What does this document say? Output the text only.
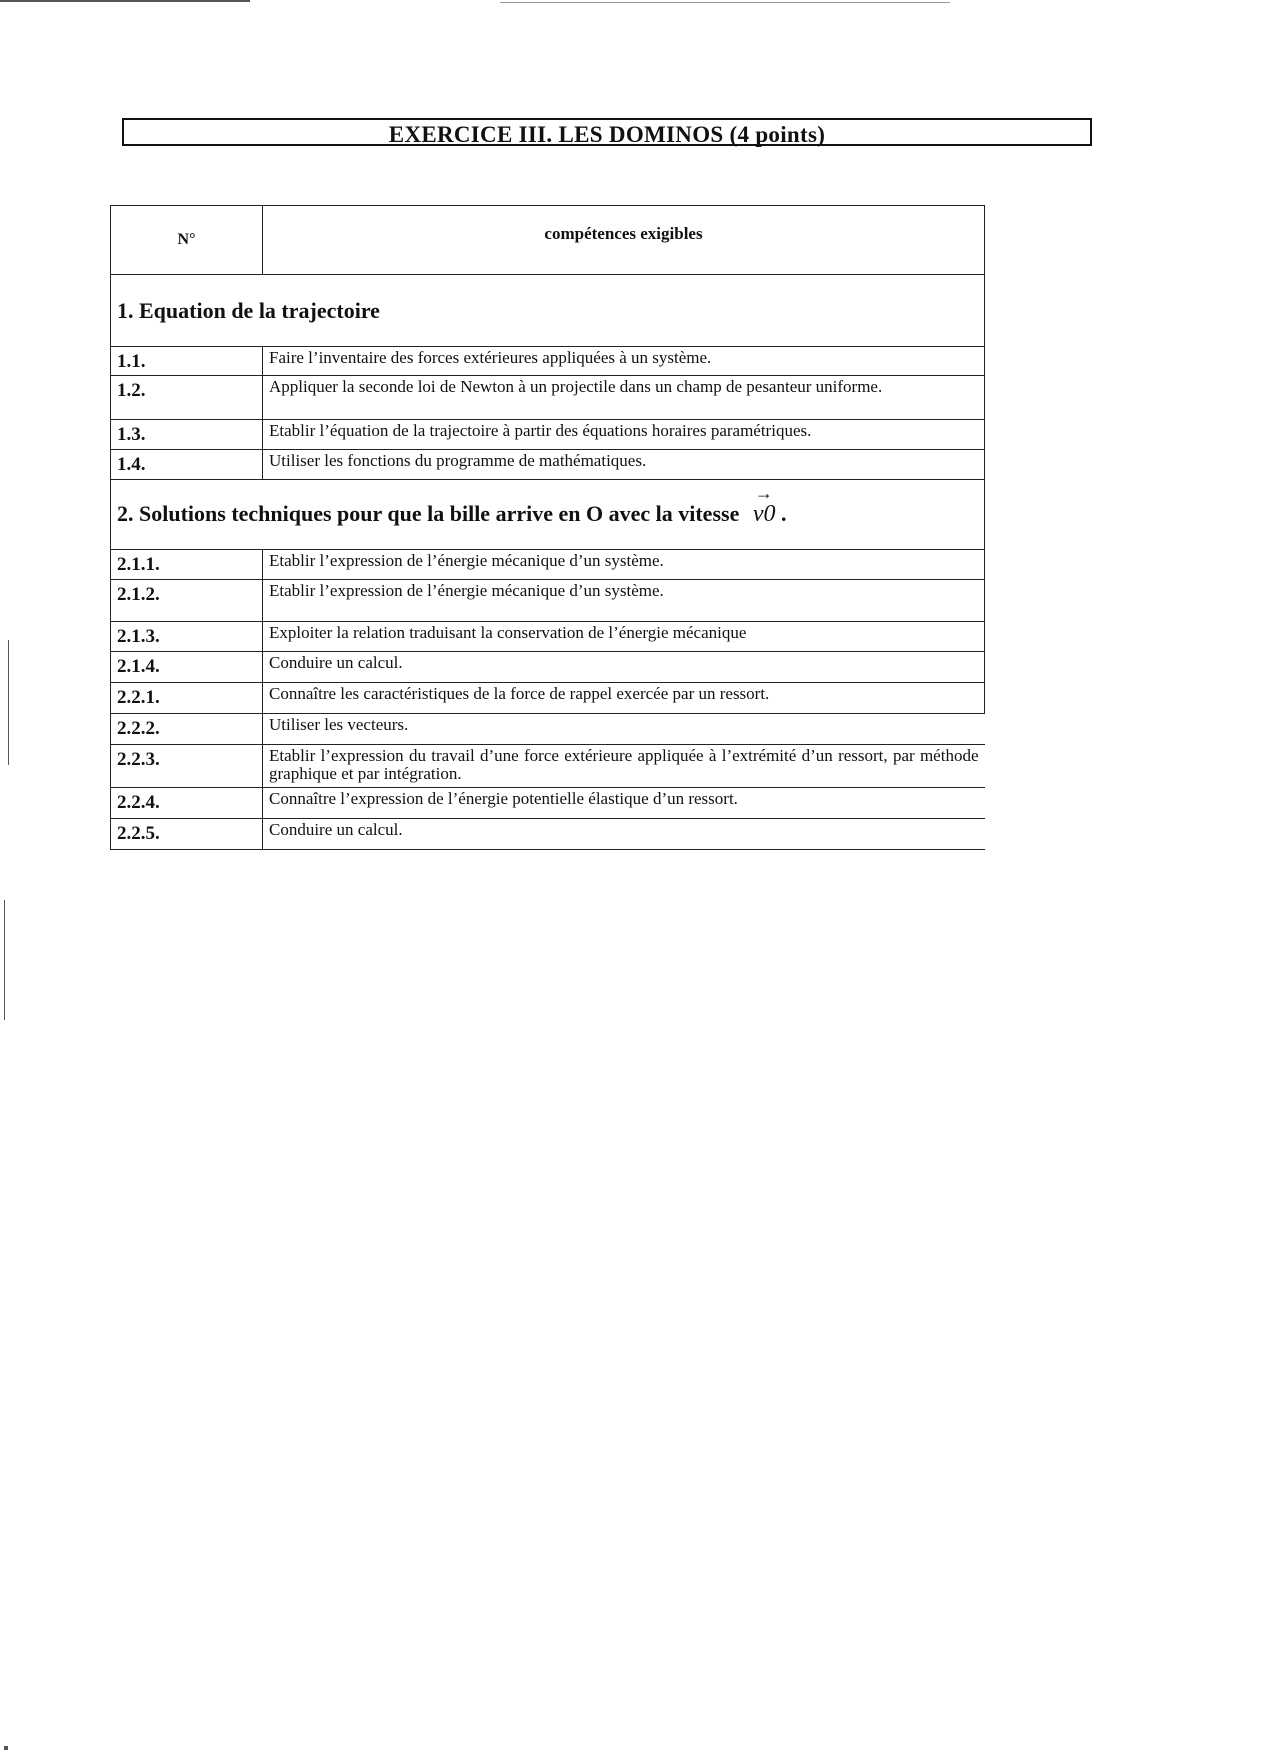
EXERCICE III. LES DOMINOS (4 points)
N°	compétences exigibles
1. Equation de la trajectoire	
1.1.	Faire l’inventaire des forces extérieures appliquées à un système.
1.2.	Appliquer la seconde loi de Newton à un projectile dans un champ de pesanteur uniforme.
1.3.	Etablir l’équation de la trajectoire à partir des équations horaires paramétriques.
1.4.	Utiliser les fonctions du programme de mathématiques.
2. Solutions techniques pour que la bille arrive en O avec la vitesse
→
v0 .	
2.1.1.	Etablir l’expression de l’énergie mécanique d’un système.
2.1.2.	Etablir l’expression de l’énergie mécanique d’un système.
2.1.3.	Exploiter la relation traduisant la conservation de l’énergie mécanique
2.1.4.	Conduire un calcul.
2.2.1.	Connaître les caractéristiques de la force de rappel exercée par un ressort.
2.2.2.	Utiliser les vecteurs.
2.2.3.	Etablir l’expression du travail d’une force extérieure appliquée à l’extrémité d’un ressort, par méthode graphique et par intégration.
2.2.4.	Connaître l’expression de l’énergie potentielle élastique d’un ressort.
2.2.5.	Conduire un calcul.
